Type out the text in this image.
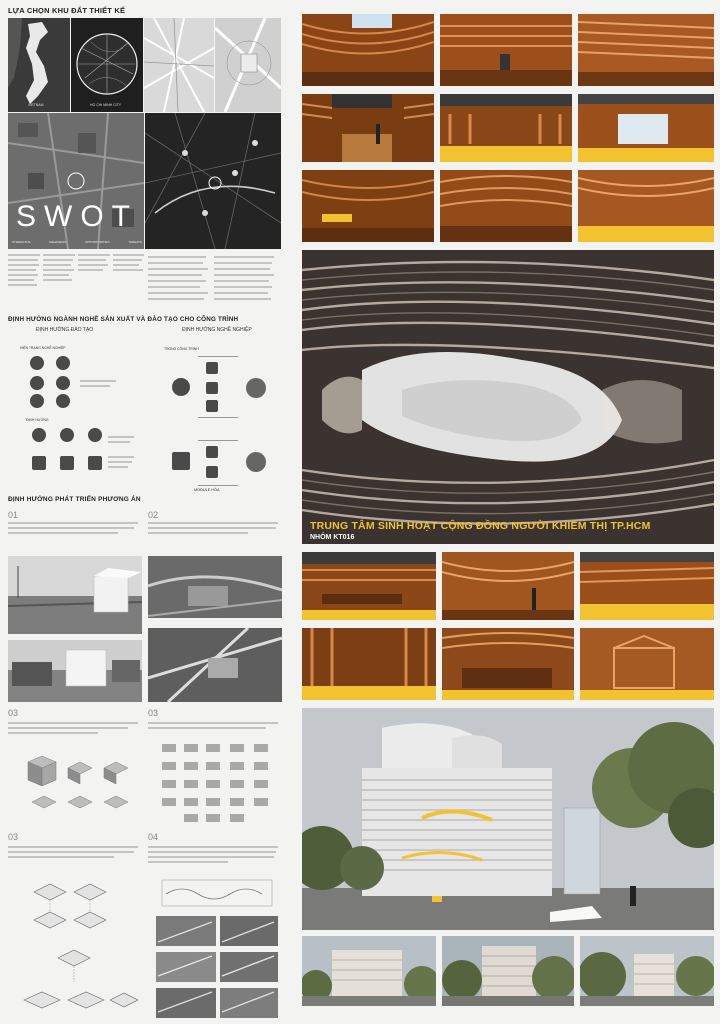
LỰA CHỌN KHU ĐẤT THIẾT KẾ
VIETNAM	HO CHI MINH CITY
SWOT
STRENGTHS	WEAKNESS	OPPORTUNITIES	THREATS
ĐỊNH HƯỚNG NGÀNH NGHỀ SẢN XUẤT VÀ ĐÀO TẠO CHO CÔNG TRÌNH
ĐỊNH HƯỚNG ĐÀO TẠO	ĐỊNH HƯỚNG NGHỀ NGHIỆP
HIỆN TRẠNG NGHỀ NGHIỆP
ĐỊNH HƯỚNG
TRONG CÔNG TRÌNH
MODULE HÓA
ĐỊNH HƯỚNG PHÁT TRIỂN PHƯƠNG ÁN
01	02
03	03
03	04
TRUNG TÂM SINH HOẠT CỘNG ĐỒNG NGƯỜI KHIẾM THỊ TP.HCM
NHÓM KT016
